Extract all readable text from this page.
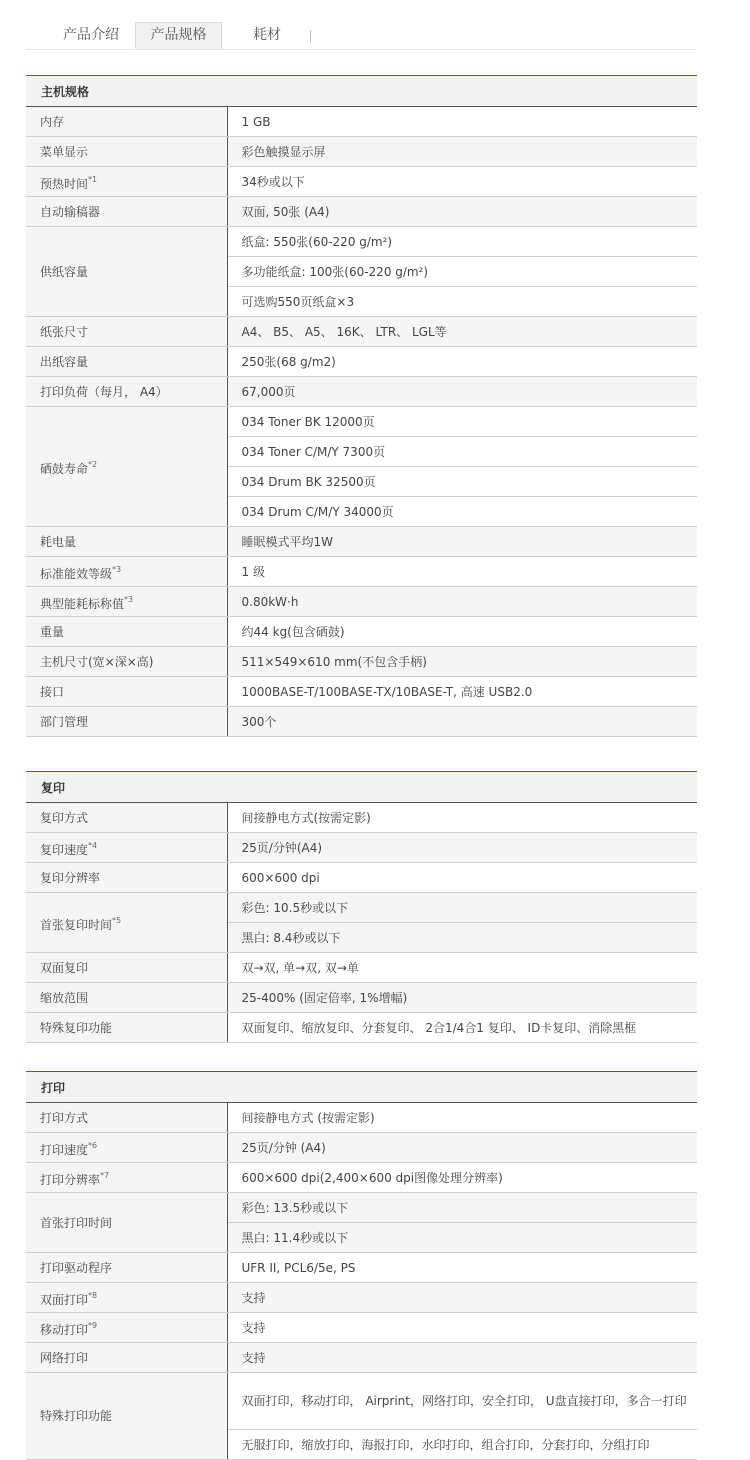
产品介绍	产品规格	耗材
主机规格	
内存	1 GB
菜单显示	彩色触摸显示屏
预热时间$^{*1}$	34秒或以下
自动输稿器	双面, 50张 (A4)
供纸容量	纸盒: 550张(60-220 g/m²)
	多功能纸盒: 100张(60-220 g/m²)
	可选购550页纸盒×3
纸张尺寸	A4、 B5、 A5、 16K、 LTR、 LGL等
出纸容量	250张(68 g/m2)
打印负荷（每月， A4）	67,000页
硒鼓寿命$^{*2}$	034 Toner BK 12000页
	034 Toner C/M/Y 7300页
	034 Drum BK 32500页
	034 Drum C/M/Y 34000页
耗电量	睡眠模式平均1W
标准能效等级$^{*3}$	1 级
典型能耗标称值$^{*3}$	0.80kW·h
重量	约44 kg(包含硒鼓)
主机尺寸(宽×深×高)	511×549×610 mm(不包含手柄)
接口	1000BASE-T/100BASE-TX/10BASE-T, 高速 USB2.0
部门管理	300个
复印	
复印方式	间接静电方式(按需定影)
复印速度$^{*4}$	25页/分钟(A4)
复印分辨率	600×600 dpi
首张复印时间$^{*5}$	彩色: 10.5秒或以下
	黑白: 8.4秒或以下
双面复印	双→双, 单→双, 双→单
缩放范围	25-400% (固定倍率, 1%增幅)
特殊复印功能	双面复印、缩放复印、分套复印、 2合1/4合1 复印、 ID卡复印、消除黑框
打印	
打印方式	间接静电方式 (按需定影)
打印速度$^{*6}$	25页/分钟 (A4)
打印分辨率$^{*7}$	600×600 dpi(2,400×600 dpi图像处理分辨率)
首张打印时间	彩色: 13.5秒或以下
	黑白: 11.4秒或以下
打印驱动程序	UFR II, PCL6/5e, PS
双面打印$^{*8}$	支持
移动打印$^{*9}$	支持
网络打印	支持
特殊打印功能	双面打印，移动打印， Airprint，网络打印，安全打印， U盘直接打印，多合一打印
	无服打印，缩放打印，海报打印，水印打印，组合打印，分套打印，分组打印
